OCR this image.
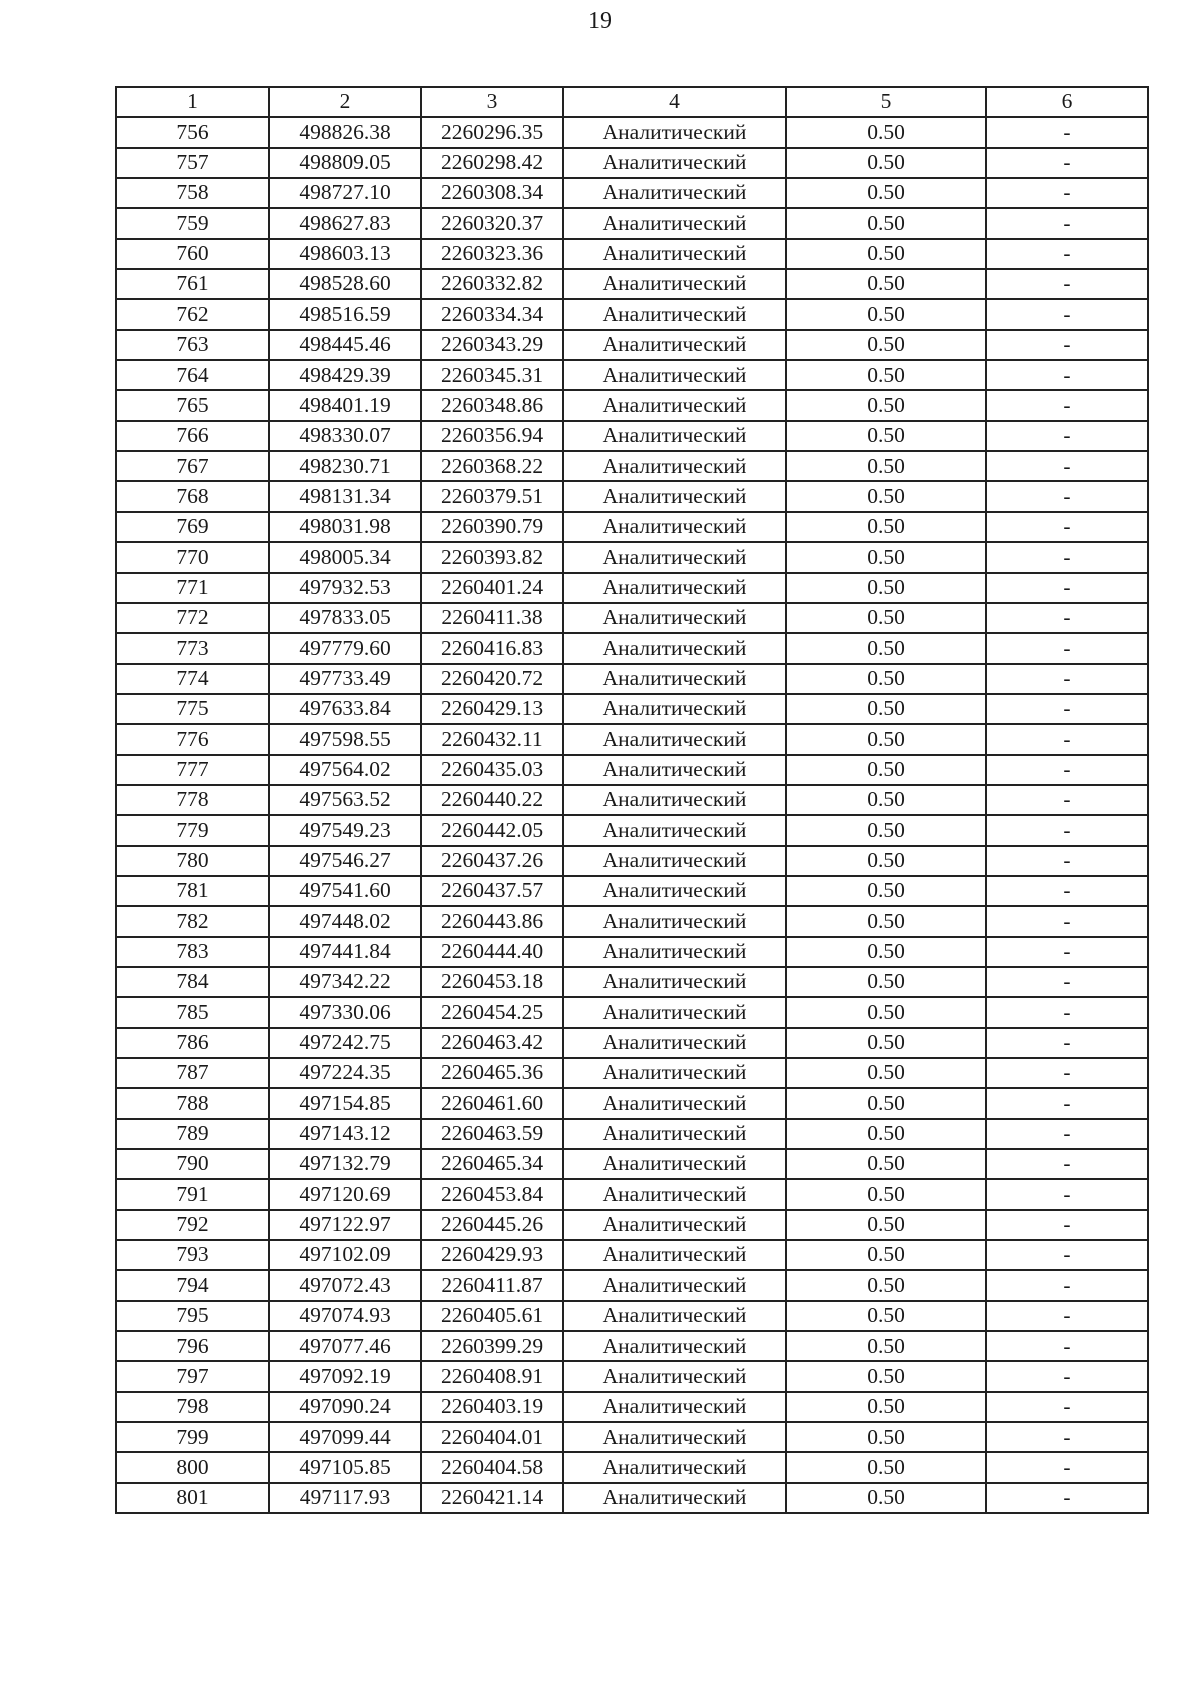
19
1	2	3	4	5	6
756	498826.38	2260296.35	Аналитический	0.50	-
757	498809.05	2260298.42	Аналитический	0.50	-
758	498727.10	2260308.34	Аналитический	0.50	-
759	498627.83	2260320.37	Аналитический	0.50	-
760	498603.13	2260323.36	Аналитический	0.50	-
761	498528.60	2260332.82	Аналитический	0.50	-
762	498516.59	2260334.34	Аналитический	0.50	-
763	498445.46	2260343.29	Аналитический	0.50	-
764	498429.39	2260345.31	Аналитический	0.50	-
765	498401.19	2260348.86	Аналитический	0.50	-
766	498330.07	2260356.94	Аналитический	0.50	-
767	498230.71	2260368.22	Аналитический	0.50	-
768	498131.34	2260379.51	Аналитический	0.50	-
769	498031.98	2260390.79	Аналитический	0.50	-
770	498005.34	2260393.82	Аналитический	0.50	-
771	497932.53	2260401.24	Аналитический	0.50	-
772	497833.05	2260411.38	Аналитический	0.50	-
773	497779.60	2260416.83	Аналитический	0.50	-
774	497733.49	2260420.72	Аналитический	0.50	-
775	497633.84	2260429.13	Аналитический	0.50	-
776	497598.55	2260432.11	Аналитический	0.50	-
777	497564.02	2260435.03	Аналитический	0.50	-
778	497563.52	2260440.22	Аналитический	0.50	-
779	497549.23	2260442.05	Аналитический	0.50	-
780	497546.27	2260437.26	Аналитический	0.50	-
781	497541.60	2260437.57	Аналитический	0.50	-
782	497448.02	2260443.86	Аналитический	0.50	-
783	497441.84	2260444.40	Аналитический	0.50	-
784	497342.22	2260453.18	Аналитический	0.50	-
785	497330.06	2260454.25	Аналитический	0.50	-
786	497242.75	2260463.42	Аналитический	0.50	-
787	497224.35	2260465.36	Аналитический	0.50	-
788	497154.85	2260461.60	Аналитический	0.50	-
789	497143.12	2260463.59	Аналитический	0.50	-
790	497132.79	2260465.34	Аналитический	0.50	-
791	497120.69	2260453.84	Аналитический	0.50	-
792	497122.97	2260445.26	Аналитический	0.50	-
793	497102.09	2260429.93	Аналитический	0.50	-
794	497072.43	2260411.87	Аналитический	0.50	-
795	497074.93	2260405.61	Аналитический	0.50	-
796	497077.46	2260399.29	Аналитический	0.50	-
797	497092.19	2260408.91	Аналитический	0.50	-
798	497090.24	2260403.19	Аналитический	0.50	-
799	497099.44	2260404.01	Аналитический	0.50	-
800	497105.85	2260404.58	Аналитический	0.50	-
801	497117.93	2260421.14	Аналитический	0.50	-
